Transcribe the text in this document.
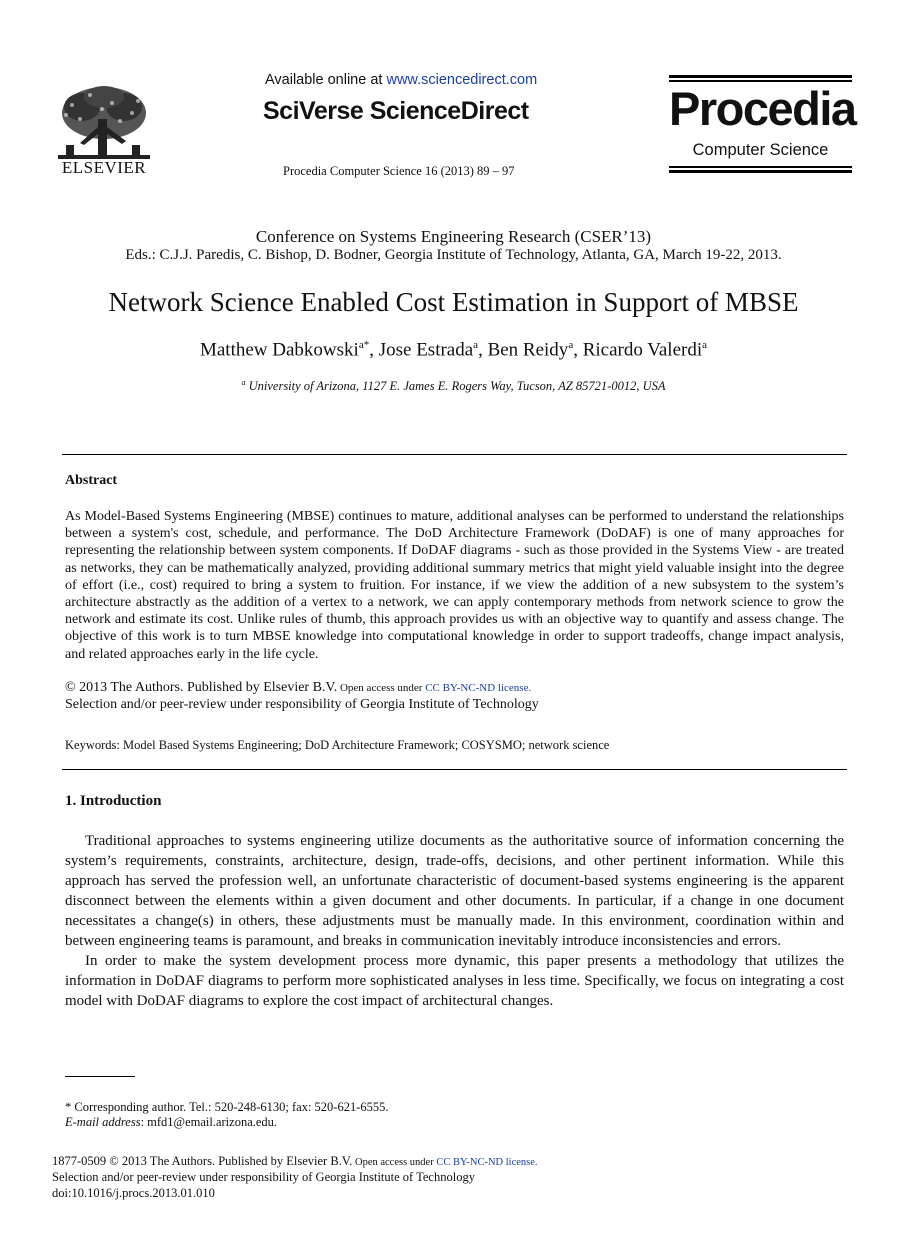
ELSEVIER
Available online at www.sciencedirect.com
SciVerse ScienceDirect
Procedia Computer Science 16 (2013) 89 – 97
Procedia
Computer Science
Conference on Systems Engineering Research (CSER’13)
Eds.: C.J.J. Paredis, C. Bishop, D. Bodner, Georgia Institute of Technology, Atlanta, GA, March 19-22, 2013.
Network Science Enabled Cost Estimation in Support of MBSE
Matthew Dabkowski$^{a*}$, Jose Estrada$^a$, Ben Reidy$^a$, Ricardo Valerdi$^a$
$^a$ University of Arizona, 1127 E. James E. Rogers Way, Tucson, AZ 85721-0012, USA
Abstract
As Model-Based Systems Engineering (MBSE) continues to mature, additional analyses can be performed to understand the relationships between a system's cost, schedule, and performance. The DoD Architecture Framework (DoDAF) is one of many approaches for representing the relationship between system components. If DoDAF diagrams - such as those provided in the Systems View - are treated as networks, they can be mathematically analyzed, providing additional summary metrics that might yield valuable insight into the degree of effort (i.e., cost) required to bring a system to fruition. For instance, if we view the addition of a new subsystem to the system’s architecture abstractly as the addition of a vertex to a network, we can apply contemporary methods from network science to grow the network and estimate its cost. Unlike rules of thumb, this approach provides us with an objective way to quantify and assess change. The objective of this work is to turn MBSE knowledge into computational knowledge in order to support tradeoffs, change impact analysis, and related approaches early in the life cycle.
© 2013 The Authors. Published by Elsevier B.V. Open access under CC BY-NC-ND license.
Selection and/or peer-review under responsibility of Georgia Institute of Technology
Keywords: Model Based Systems Engineering; DoD Architecture Framework; COSYSMO; network science
1. Introduction

Traditional approaches to systems engineering utilize documents as the authoritative source of information concerning the system’s requirements, constraints, architecture, design, trade-offs, decisions, and other pertinent information. While this approach has served the profession well, an unfortunate characteristic of document-based systems engineering is the apparent disconnect between the elements within a given document and other documents. In particular, if a change in one document necessitates a change(s) in others, these adjustments must be manually made. In this environment, coordination within and between engineering teams is paramount, and breaks in communication inevitably introduce inconsistencies and errors.

In order to make the system development process more dynamic, this paper presents a methodology that utilizes the information in DoDAF diagrams to perform more sophisticated analyses in less time. Specifically, we focus on integrating a cost model with DoDAF diagrams to explore the cost impact of architectural changes.

* Corresponding author. Tel.: 520-248-6130; fax: 520-621-6555.
E-mail address: mfd1@email.arizona.edu.
1877-0509 © 2013 The Authors. Published by Elsevier B.V. Open access under CC BY-NC-ND license.
Selection and/or peer-review under responsibility of Georgia Institute of Technology
doi:10.1016/j.procs.2013.01.010
